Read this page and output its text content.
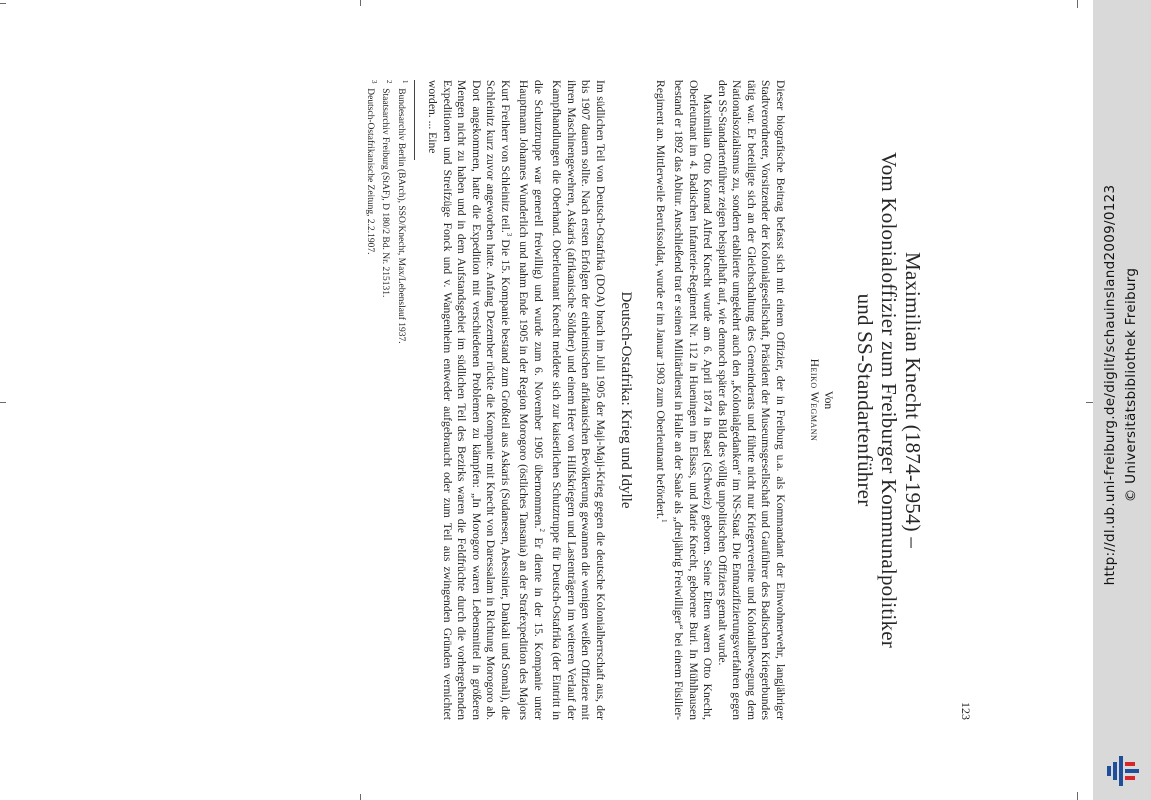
123
Maximilian Knecht (1874-1954) –
Vom Kolonialoffizier zum Freiburger Kommunalpolitiker
und SS-Standartenführer
Von
Heiko Wegmann

Dieser biografische Beitrag befasst sich mit einem Offizier, der in Freiburg u.a. als Kommandant der Einwohnerwehr, langjähriger Stadtverordneter, Vorsitzender der Kolonialgesellschaft, Präsident der Museumsgesellschaft und Gauführer des Badischen Kriegerbundes tätig war. Er beteiligte sich an der Gleichschaltung des Gemeinderats und führte nicht nur Kriegervereine und Kolonialbewegung dem Nationalsozialismus zu, sondern etablierte umgekehrt auch den „Kolonialgedanken“ im NS-Staat. Die Entnazifizierungsverfahren gegen den SS-Standartenführer zeigen beispielhaft auf, wie dennoch später das Bild des völlig unpolitischen Offiziers gemalt wurde.

Maximilian Otto Konrad Alfred Knecht wurde am 6. April 1874 in Basel (Schweiz) geboren. Seine Eltern waren Otto Knecht, Oberleutnant im 4. Badischen Infanterie-Regiment Nr. 112 in Hueningen im Elsass, und Marie Knecht, geborene Buri. In Mühlhausen bestand er 1892 das Abitur. Anschließend trat er seinen Militärdienst in Halle an der Saale als „dreijährig Freiwilliger“ bei einem Füsilier-Regiment an. Mittlerweile Berufssoldat, wurde er im Januar 1903 zum Oberleutnant befördert.$^1$

Deutsch-Ostafrika: Krieg und Idylle

Im südlichen Teil von Deutsch-Ostafrika (DOA) brach im Juli 1905 der Maji-Maji-Krieg gegen die deutsche Kolonialherrschaft aus, der bis 1907 dauern sollte. Nach ersten Erfolgen der einheimischen afrikanischen Bevölkerung gewannen die wenigen weißen Offiziere mit ihren Maschinengewehren, Askaris (afrikanische Söldner) und einem Heer von Hilfskriegern und Lastenträgern im weiteren Verlauf der Kampfhandlungen die Oberhand. Oberleutnant Knecht meldete sich zur kaiserlichen Schutztruppe für Deutsch-Ostafrika (der Eintritt in die Schutztruppe war generell freiwillig) und wurde zum 6. November 1905 übernommen.$^2$ Er diente in der 15. Kompanie unter Hauptmann Johannes Wunderlich und nahm Ende 1905 in der Region Morogoro (östliches Tansania) an der Strafexpedition des Majors Kurt Freiherr von Schleinitz teil.$^3$ Die 15. Kompanie bestand zum Großteil aus Askaris (Sudanesen, Abessinier, Dankali und Somali), die Schleinitz kurz zuvor angeworben hatte. Anfang Dezember rückte die Kompanie mit Knecht von Daressalam in Richtung Morogoro ab. Dort angekommen, hatte die Expedition mit verschiedenen Problemen zu kämpfen: „In Morogoro waren Lebensmittel in größeren Mengen nicht zu haben und in dem Aufstandsgebiet im südlichen Teil des Bezirks waren die Feldfrüchte durch die vorhergehenden Expeditionen und Streifzüge Fonck und v. Wangenheim entweder aufgebraucht oder zum Teil aus zwingenden Gründen vernichtet worden. ... Eine

$^1$  Bundesarchiv Berlin (BArch), SSO/Knecht, Max/Lebenslauf 1937.

$^2$  Staatsarchiv Freiburg (StAF), D 180/2 Bd. Nr. 215131.

$^3$  Deutsch-Ostafrikanische Zeitung, 2.2.1907.

http://dl.ub.uni-freiburg.de/diglit/schauinsland2009/0123 © Universitätsbibliothek Freiburg
